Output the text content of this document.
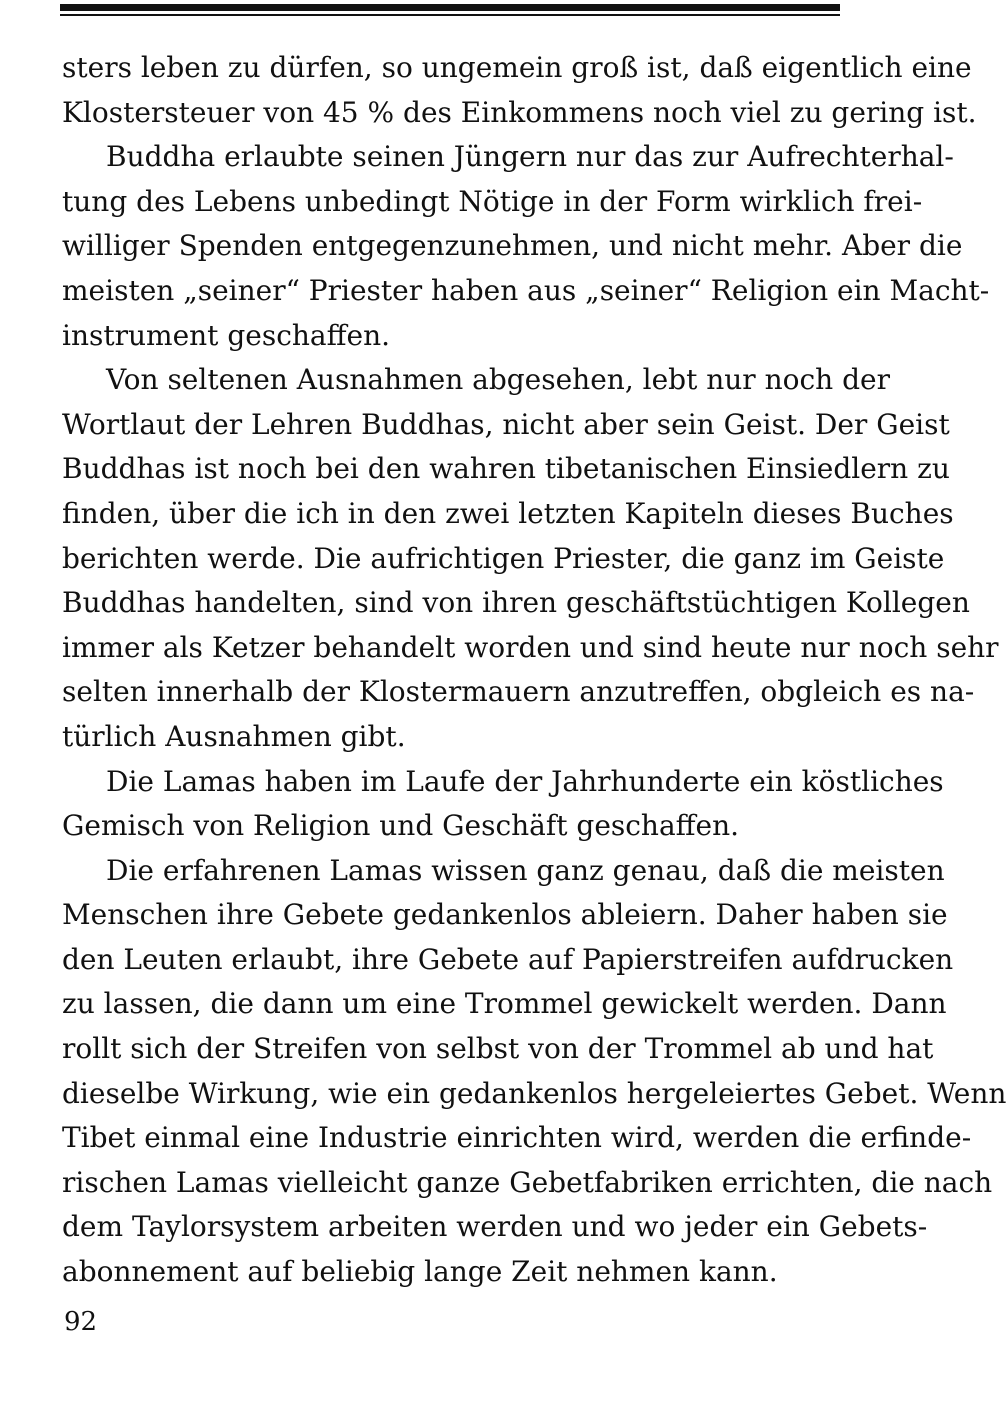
sters leben zu dürfen, so ungemein groß ist, daß eigentlich eine
Klostersteuer von 45 % des Einkommens noch viel zu gering ist.
Buddha erlaubte seinen Jüngern nur das zur Aufrechterhal-
tung des Lebens unbedingt Nötige in der Form wirklich frei-
williger Spenden entgegenzunehmen, und nicht mehr. Aber die
meisten „seiner“ Priester haben aus „seiner“ Religion ein Macht-
instrument geschaffen.
Von seltenen Ausnahmen abgesehen, lebt nur noch der
Wortlaut der Lehren Buddhas, nicht aber sein Geist. Der Geist
Buddhas ist noch bei den wahren tibetanischen Einsiedlern zu
finden, über die ich in den zwei letzten Kapiteln dieses Buches
berichten werde. Die aufrichtigen Priester, die ganz im Geiste
Buddhas handelten, sind von ihren geschäftstüchtigen Kollegen
immer als Ketzer behandelt worden und sind heute nur noch sehr
selten innerhalb der Klostermauern anzutreffen, obgleich es na-
türlich Ausnahmen gibt.
Die Lamas haben im Laufe der Jahrhunderte ein köstliches
Gemisch von Religion und Geschäft geschaffen.
Die erfahrenen Lamas wissen ganz genau, daß die meisten
Menschen ihre Gebete gedankenlos ableiern. Daher haben sie
den Leuten erlaubt, ihre Gebete auf Papierstreifen aufdrucken
zu lassen, die dann um eine Trommel gewickelt werden. Dann
rollt sich der Streifen von selbst von der Trommel ab und hat
dieselbe Wirkung, wie ein gedankenlos hergeleiertes Gebet. Wenn
Tibet einmal eine Industrie einrichten wird, werden die erfinde-
rischen Lamas vielleicht ganze Gebetfabriken errichten, die nach
dem Taylorsystem arbeiten werden und wo jeder ein Gebets-
abonnement auf beliebig lange Zeit nehmen kann.
92
